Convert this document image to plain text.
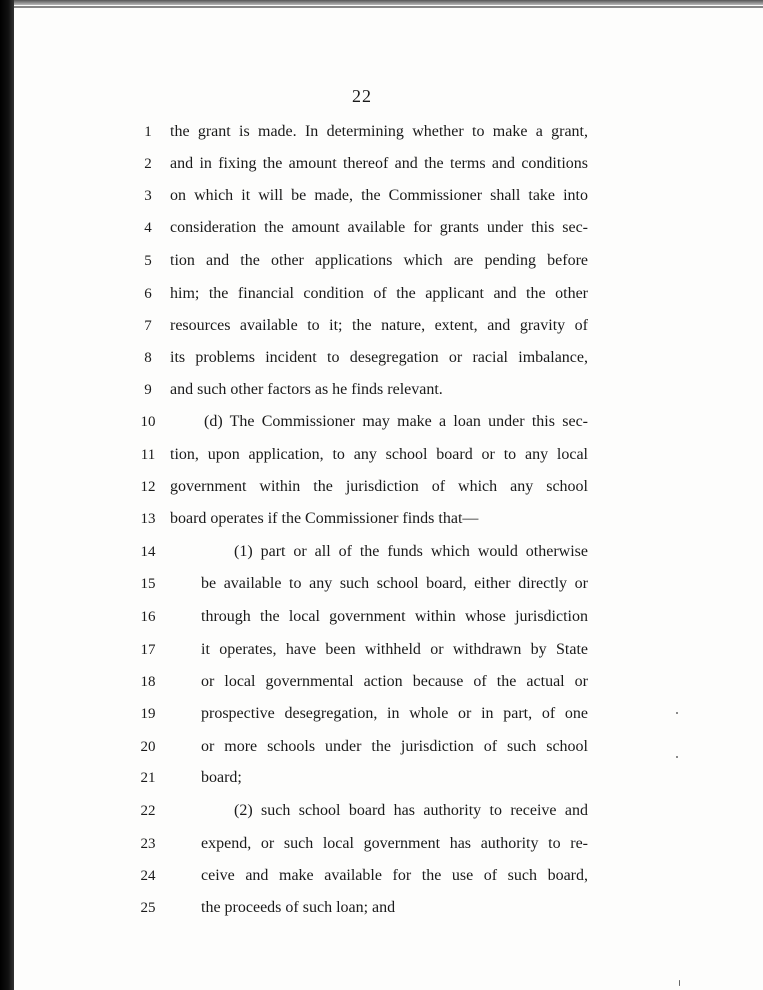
22
1	the grant is made. In determining whether to make a grant,
2	and in fixing the amount thereof and the terms and conditions
3	on which it will be made, the Commissioner shall take into
4	consideration the amount available for grants under this sec-
5	tion and the other applications which are pending before
6	him; the financial condition of the applicant and the other
7	resources available to it; the nature, extent, and gravity of
8	its problems incident to desegregation or racial imbalance,
9	and such other factors as he finds relevant.
10	(d) The Commissioner may make a loan under this sec-
11 tion, upon application, to any school board or to any local
12 government within the jurisdiction of which any school
13 board operates if the Commissioner finds that—
14	(1) part or all of the funds which would otherwise
15	be available to any such school board, either directly or
16	through the local government within whose jurisdiction
17	it operates, have been withheld or withdrawn by State
18	or local governmental action because of the actual or
19	prospective desegregation, in whole or in part, of one
20	or more schools under the jurisdiction of such school
21	board;
22	(2) such school board has authority to receive and
23	expend, or such local government has authority to re-
24	ceive and make available for the use of such board,
25	the proceeds of such loan; and
